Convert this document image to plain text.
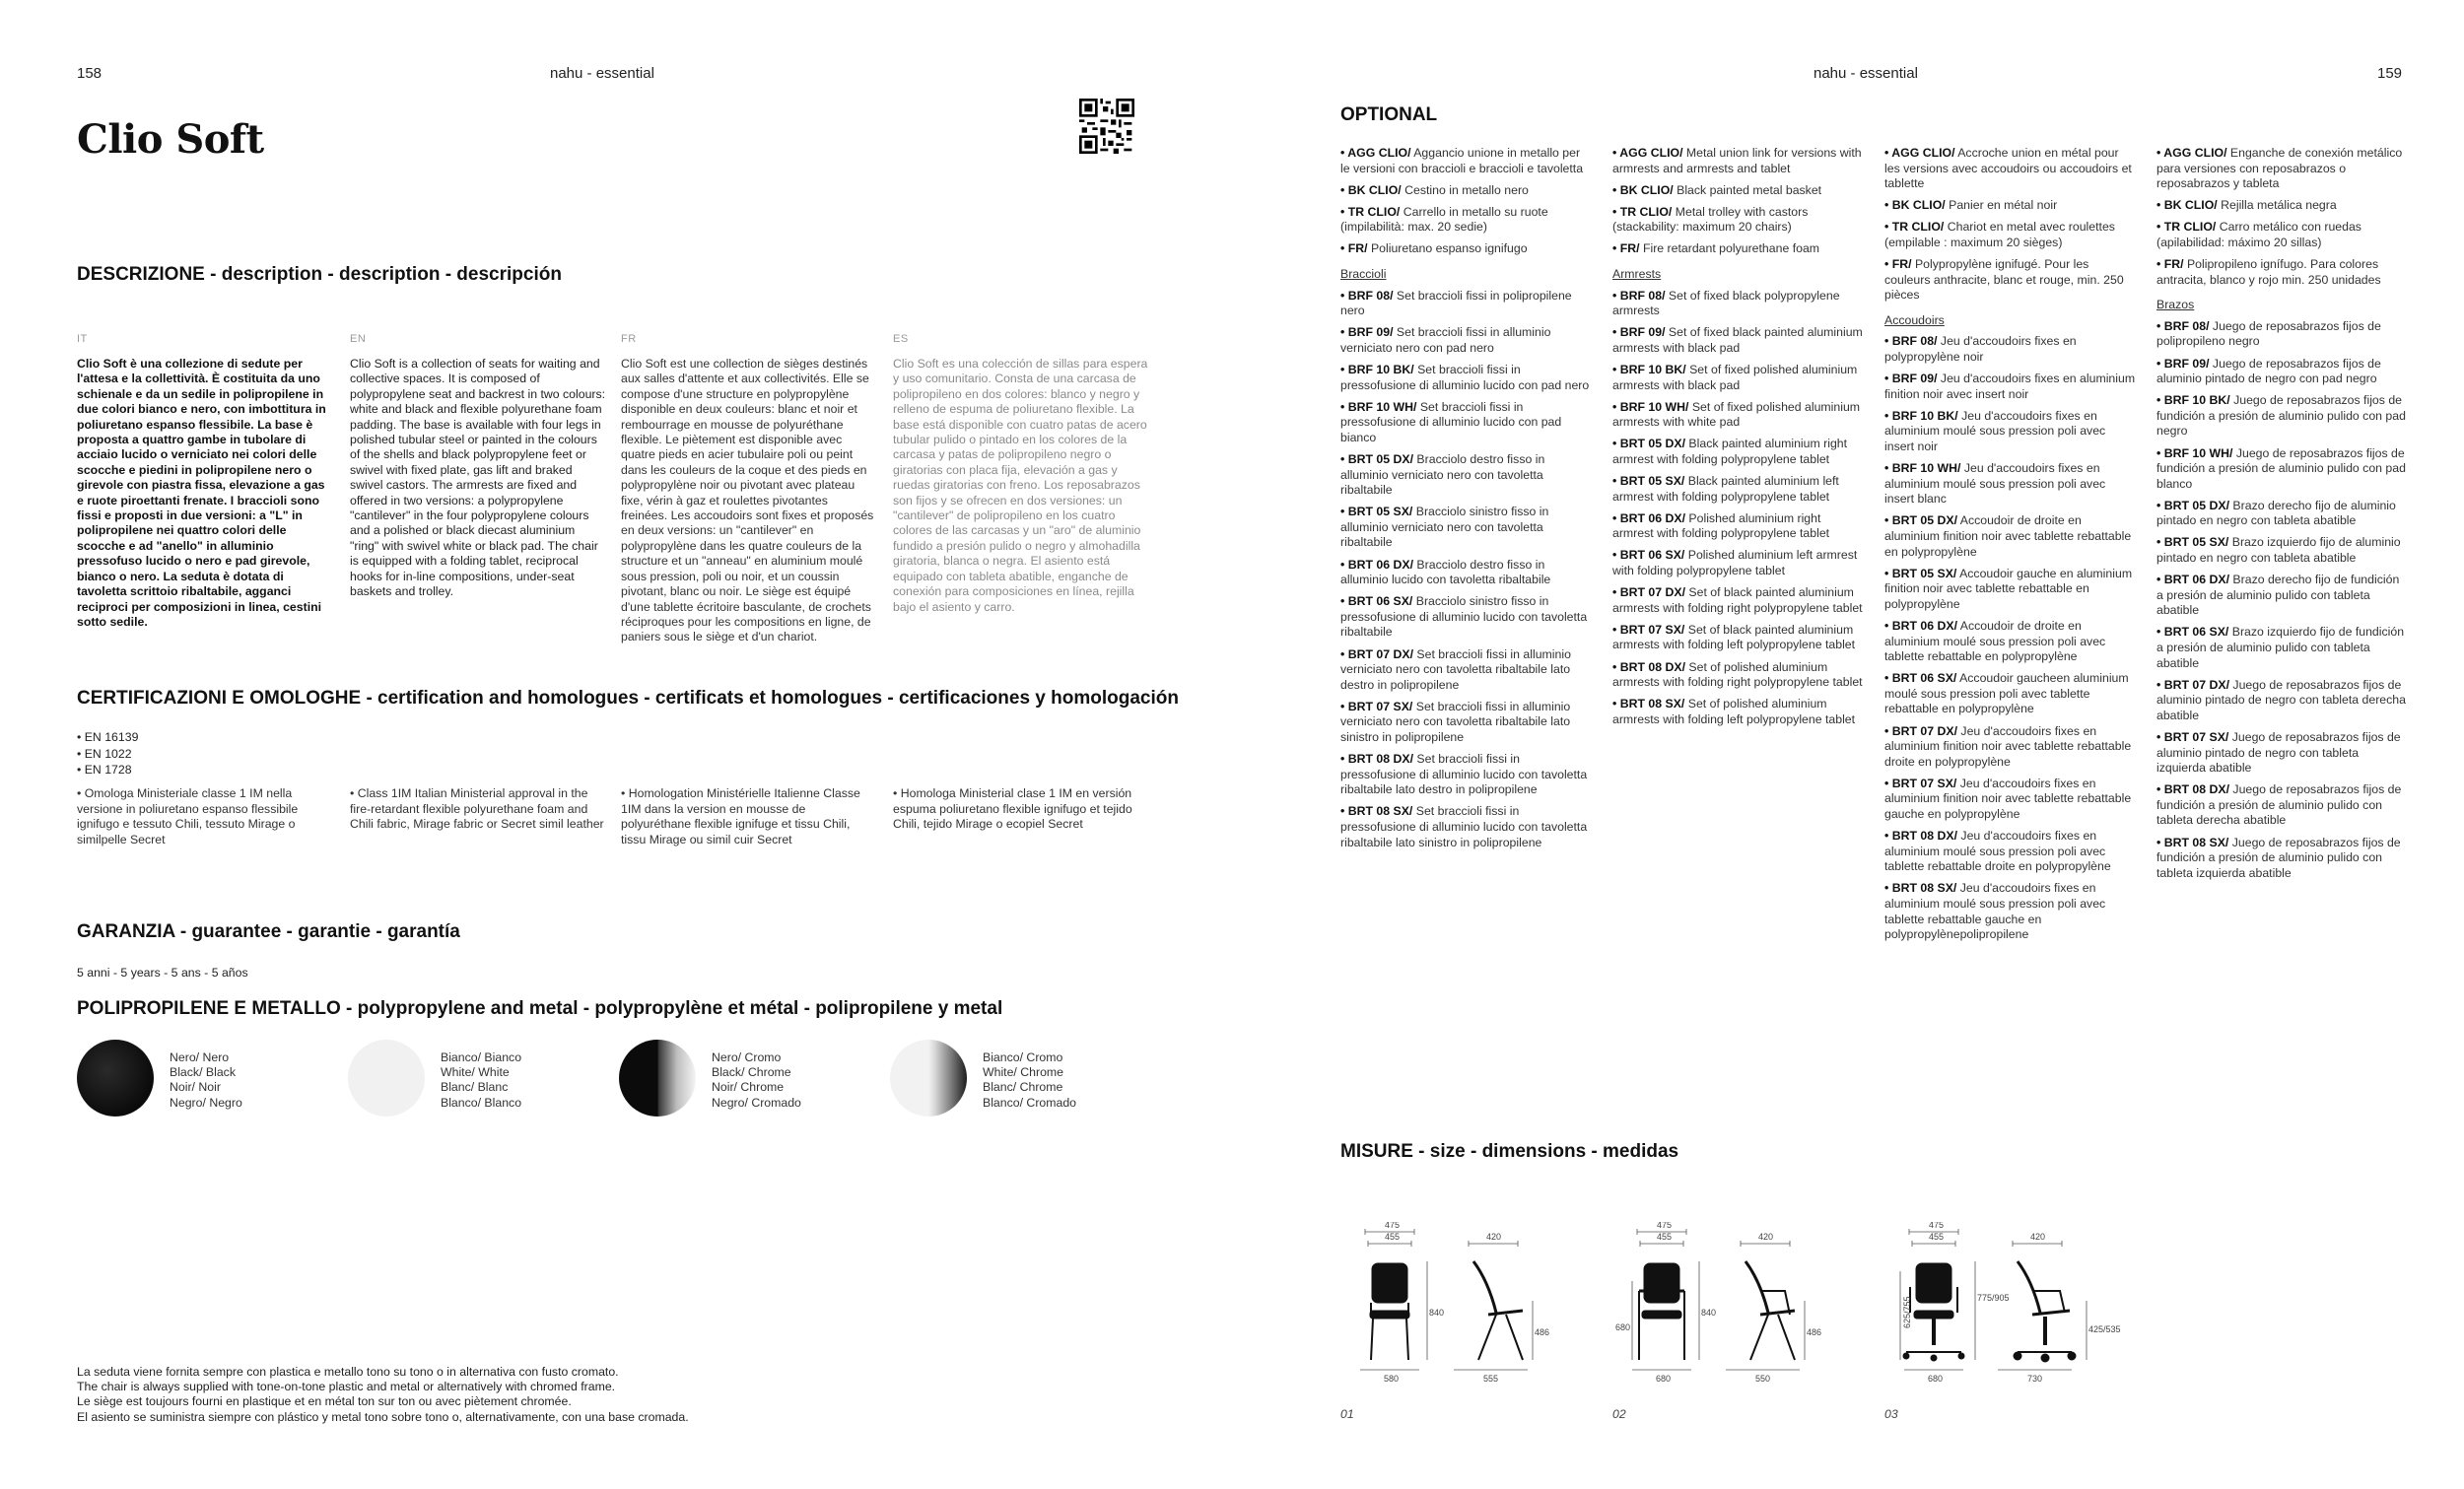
158	nahu - essential
Clio Soft
DESCRIZIONE - description - description - descripción
IT
Clio Soft è una collezione di sedute per l'attesa e la collettività. È costituita da uno schienale e da un sedile in polipropilene in due colori bianco e nero, con imbottitura in poliuretano espanso flessibile. La base è proposta a quattro gambe in tubolare di acciaio lucido o verniciato nei colori delle scocche e piedini in polipropilene nero o girevole con piastra fissa, elevazione a gas e ruote piroettanti frenate. I braccioli sono fissi e proposti in due versioni: a "L" in polipropilene nei quattro colori delle scocche e ad "anello" in alluminio pressofuso lucido o nero e pad girevole, bianco o nero. La seduta è dotata di tavoletta scrittoio ribaltabile, agganci reciproci per composizioni in linea, cestini sotto sedile.
EN
Clio Soft is a collection of seats for waiting and collective spaces. It is composed of polypropylene seat and backrest in two colours: white and black and flexible polyurethane foam padding. The base is available with four legs in polished tubular steel or painted in the colours of the shells and black polypropylene feet or swivel with fixed plate, gas lift and braked swivel castors. The armrests are fixed and offered in two versions: a polypropylene "cantilever" in the four polypropylene colours and a polished or black diecast aluminium "ring" with swivel white or black pad. The chair is equipped with a folding tablet, reciprocal hooks for in-line compositions, under-seat baskets and trolley.
FR
Clio Soft est une collection de sièges destinés aux salles d'attente et aux collectivités. Elle se compose d'une structure en polypropylène disponible en deux couleurs: blanc et noir et rembourrage en mousse de polyuréthane flexible. Le piètement est disponible avec quatre pieds en acier tubulaire poli ou peint dans les couleurs de la coque et des pieds en polypropylène noir ou pivotant avec plateau fixe, vérin à gaz et roulettes pivotantes freinées. Les accoudoirs sont fixes et proposés en deux versions: un "cantilever" en polypropylène dans les quatre couleurs de la structure et un "anneau" en aluminium moulé sous pression, poli ou noir, et un coussin pivotant, blanc ou noir. Le siège est équipé d'une tablette écritoire basculante, de crochets réciproques pour les compositions en ligne, de paniers sous le siège et d'un chariot.
ES
Clio Soft es una colección de sillas para espera y uso comunitario. Consta de una carcasa de polipropileno en dos colores: blanco y negro y relleno de espuma de poliuretano flexible. La base está disponible con cuatro patas de acero tubular pulido o pintado en los colores de la carcasa y patas de polipropileno negro o giratorias con placa fija, elevación a gas y ruedas giratorias con freno. Los reposabrazos son fijos y se ofrecen en dos versiones: un "cantilever" de polipropileno en los cuatro colores de las carcasas y un "aro" de aluminio fundido a presión pulido o negro y almohadilla giratoria, blanca o negra. El asiento está equipado con tableta abatible, enganche de conexión para composiciones en línea, rejilla bajo el asiento y carro.
CERTIFICAZIONI E OMOLOGHE - certification and homologues - certificats et homologues - certificaciones y homologación
• EN 16139
• EN 1022
• EN 1728
• Omologa Ministeriale classe 1 IM nella versione in poliuretano espanso flessibile ignifugo e tessuto Chili, tessuto Mirage o similpelle Secret
• Class 1IM Italian Ministerial approval in the fire-retardant flexible polyurethane foam and Chili fabric, Mirage fabric or Secret simil leather
• Homologation Ministérielle Italienne Classe 1IM dans la version en mousse de polyuréthane flexible ignifuge et tissu Chili, tissu Mirage ou simil cuir Secret
• Homologa Ministerial clase 1 IM en versión espuma poliuretano flexible ignifugo et tejido Chili, tejido Mirage o ecopiel Secret
GARANZIA - guarantee - garantie - garantía
5 anni - 5 years - 5 ans - 5 años
POLIPROPILENE E METALLO - polypropylene and metal - polypropylène et métal - polipropilene y metal
Nero/ Nero
Black/ Black
Noir/ Noir
Negro/ Negro
Bianco/ Bianco
White/ White
Blanc/ Blanc
Blanco/ Blanco
Nero/ Cromo
Black/ Chrome
Noir/ Chrome
Negro/ Cromado
Bianco/ Cromo
White/ Chrome
Blanc/ Chrome
Blanco/ Cromado
La seduta viene fornita sempre con plastica e metallo tono su tono o in alternativa con fusto cromato.
The chair is always supplied with tone-on-tone plastic and metal or alternatively with chromed frame.
Le siège est toujours fourni en plastique et en métal ton sur ton ou avec piètement chromée.
El asiento se suministra siempre con plástico y metal tono sobre tono o, alternativamente, con una base cromada.
nahu - essential	159
OPTIONAL
• AGG CLIO/ Aggancio unione in metallo per le versioni con braccioli e braccioli e tavoletta
• BK CLIO/ Cestino in metallo nero
• TR CLIO/ Carrello in metallo su ruote (impilabilità: max. 20 sedie)
• FR/ Poliuretano espanso ignifugo
Braccioli
• BRF 08/ Set braccioli fissi in polipropilene nero
• BRF 09/ Set braccioli fissi in alluminio verniciato nero con pad nero
• BRF 10 BK/ Set braccioli fissi in pressofusione di alluminio lucido con pad nero
• BRF 10 WH/ Set braccioli fissi in pressofusione di alluminio lucido con pad bianco
• BRT 05 DX/ Bracciolo destro fisso in alluminio verniciato nero con tavoletta ribaltabile
• BRT 05 SX/ Bracciolo sinistro fisso in alluminio verniciato nero con tavoletta ribaltabile
• BRT 06 DX/ Bracciolo destro fisso in alluminio lucido con tavoletta ribaltabile
• BRT 06 SX/ Bracciolo sinistro fisso in pressofusione di alluminio lucido con tavoletta ribaltabile
• BRT 07 DX/ Set braccioli fissi in alluminio verniciato nero con tavoletta ribaltabile lato destro in polipropilene
• BRT 07 SX/ Set braccioli fissi in alluminio verniciato nero con tavoletta ribaltabile lato sinistro in polipropilene
• BRT 08 DX/ Set braccioli fissi in pressofusione di alluminio lucido con tavoletta ribaltabile lato destro in polipropilene
• BRT 08 SX/ Set braccioli fissi in pressofusione di alluminio lucido con tavoletta ribaltabile lato sinistro in polipropilene
• AGG CLIO/ Metal union link for versions with armrests and armrests and tablet
• BK CLIO/ Black painted metal basket
• TR CLIO/ Metal trolley with castors (stackability: maximum 20 chairs)
• FR/ Fire retardant polyurethane foam
Armrests
• BRF 08/ Set of fixed black polypropylene armrests
• BRF 09/ Set of fixed black painted aluminium armrests with black pad
• BRF 10 BK/ Set of fixed polished aluminium armrests with black pad
• BRF 10 WH/ Set of fixed polished aluminium armrests with white pad
• BRT 05 DX/ Black painted aluminium right armrest with folding polypropylene tablet
• BRT 05 SX/ Black painted aluminium left armrest with folding polypropylene tablet
• BRT 06 DX/ Polished aluminium right armrest with folding polypropylene tablet
• BRT 06 SX/ Polished aluminium left armrest with folding polypropylene tablet
• BRT 07 DX/ Set of black painted aluminium armrests with folding right polypropylene tablet
• BRT 07 SX/ Set of black painted aluminium armrests with folding left polypropylene tablet
• BRT 08 DX/ Set of polished aluminium armrests with folding right polypropylene tablet
• BRT 08 SX/ Set of polished aluminium armrests with folding left polypropylene tablet
• AGG CLIO/ Accroche union en métal pour les versions avec accoudoirs ou accoudoirs et tablette
• BK CLIO/ Panier en métal noir
• TR CLIO/ Chariot en metal avec roulettes (empilable : maximum 20 sièges)
• FR/ Polypropylène ignifugé. Pour les couleurs anthracite, blanc et rouge, min. 250 pièces
Accoudoirs
• BRF 08/ Jeu d'accoudoirs fixes en polypropylène noir
• BRF 09/ Jeu d'accoudoirs fixes en aluminium finition noir avec insert noir
• BRF 10 BK/ Jeu d'accoudoirs fixes en aluminium moulé sous pression poli avec insert noir
• BRF 10 WH/ Jeu d'accoudoirs fixes en aluminium moulé sous pression poli avec insert blanc
• BRT 05 DX/ Accoudoir de droite en aluminium finition noir avec tablette rebattable en polypropylène
• BRT 05 SX/ Accoudoir gauche en aluminium finition noir avec tablette rebattable en polypropylène
• BRT 06 DX/ Accoudoir de droite en aluminium moulé sous pression poli avec tablette rebattable en polypropylène
• BRT 06 SX/ Accoudoir gaucheen aluminium moulé sous pression poli avec tablette rebattable en polypropylène
• BRT 07 DX/ Jeu d'accoudoirs fixes en aluminium finition noir avec tablette rebattable droite en polypropylène
• BRT 07 SX/ Jeu d'accoudoirs fixes en aluminium finition noir avec tablette rebattable gauche en polypropylène
• BRT 08 DX/ Jeu d'accoudoirs fixes en aluminium moulé sous pression poli avec tablette rebattable droite en polypropylène
• BRT 08 SX/ Jeu d'accoudoirs fixes en aluminium moulé sous pression poli avec tablette rebattable gauche en polypropylènepolipropilene
• AGG CLIO/ Enganche de conexión metálico para versiones con reposabrazos o reposabrazos y tableta
• BK CLIO/ Rejilla metálica negra
• TR CLIO/ Carro metálico con ruedas (apilabilidad: máximo 20 sillas)
• FR/ Polipropileno ignífugo. Para colores antracita, blanco y rojo min. 250 unidades
Brazos
• BRF 08/ Juego de reposabrazos fijos de polipropileno negro
• BRF 09/ Juego de reposabrazos fijos de aluminio pintado de negro con pad negro
• BRF 10 BK/ Juego de reposabrazos fijos de fundición a presión de aluminio pulido con pad negro
• BRF 10 WH/ Juego de reposabrazos fijos de fundición a presión de aluminio pulido con pad blanco
• BRT 05 DX/ Brazo derecho fijo de aluminio pintado en negro con tableta abatible
• BRT 05 SX/ Brazo izquierdo fijo de aluminio pintado en negro con tableta abatible
• BRT 06 DX/ Brazo derecho fijo de fundición a presión de aluminio pulido con tableta abatible
• BRT 06 SX/ Brazo izquierdo fijo de fundición a presión de aluminio pulido con tableta abatible
• BRT 07 DX/ Juego de reposabrazos fijos de aluminio pintado de negro con tableta derecha abatible
• BRT 07 SX/ Juego de reposabrazos fijos de aluminio pintado de negro con tableta izquierda abatible
• BRT 08 DX/ Juego de reposabrazos fijos de fundición a presión de aluminio pulido con tableta derecha abatible
• BRT 08 SX/ Juego de reposabrazos fijos de fundición a presión de aluminio pulido con tableta izquierda abatible
MISURE - size - dimensions - medidas
475
455	420
840
486
580	555
475
455	420
680
840
486
680	550
475
455	420
625/755	775/905
425/535
680	730
01	02	03
